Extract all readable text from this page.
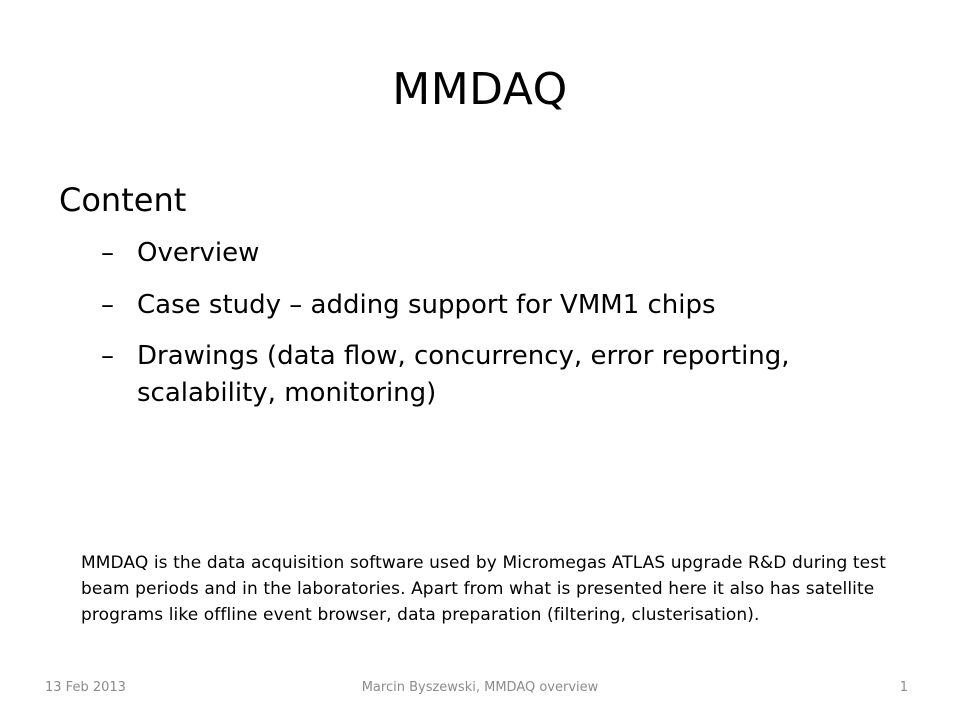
MMDAQ
Content
– Overview
– Case study – adding support for VMM1 chips
– Drawings (data flow, concurrency, error reporting, scalability, monitoring)
MMDAQ is the data acquisition software used by Micromegas ATLAS upgrade R&D during test beam periods and in the laboratories. Apart from what is presented here it also has satellite programs like offline event browser, data preparation (filtering, clusterisation).
13 Feb 2013	Marcin Byszewski, MMDAQ overview	1
